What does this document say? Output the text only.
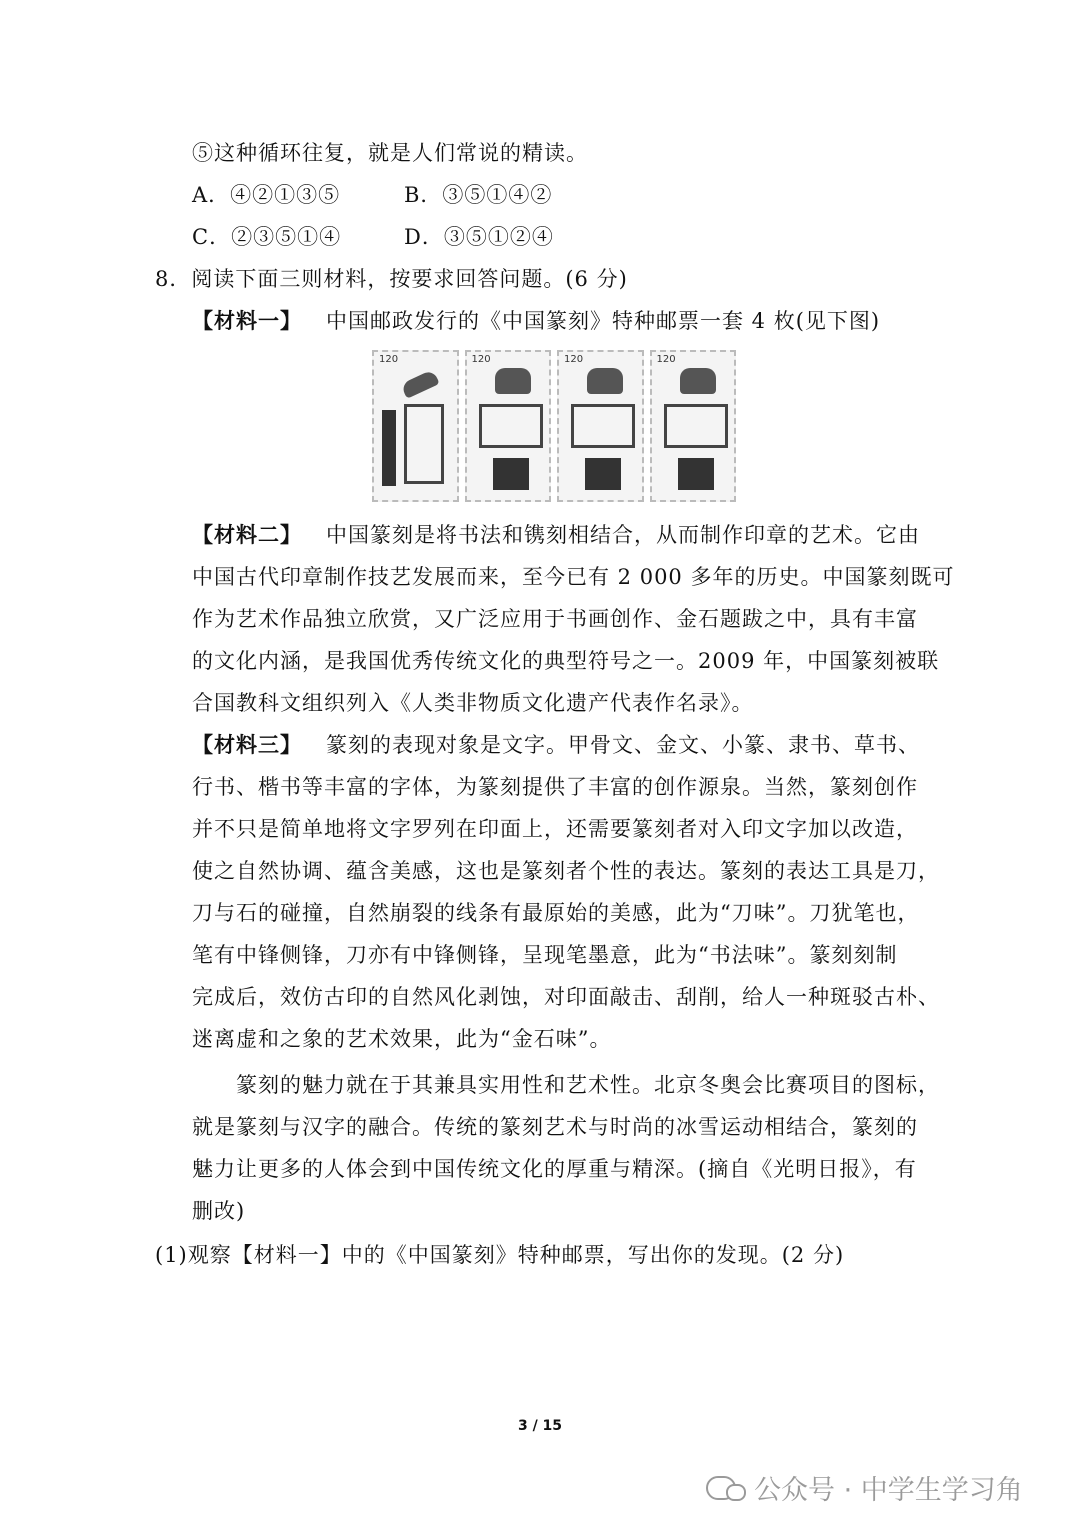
⑤这种循环往复，就是人们常说的精读。
A．④②①③⑤	B．③⑤①④②
C．②③⑤①④	D．③⑤①②④
8．阅读下面三则材料，按要求回答问题。(6 分)
【材料一】 中国邮政发行的《中国篆刻》特种邮票一套 4 枚(见下图)
120	120	120	120
【材料二】 中国篆刻是将书法和镌刻相结合，从而制作印章的艺术。它由
中国古代印章制作技艺发展而来，至今已有 2 000 多年的历史。中国篆刻既可
作为艺术作品独立欣赏，又广泛应用于书画创作、金石题跋之中，具有丰富
的文化内涵，是我国优秀传统文化的典型符号之一。2009 年，中国篆刻被联
合国教科文组织列入《人类非物质文化遗产代表作名录》。
【材料三】 篆刻的表现对象是文字。甲骨文、金文、小篆、隶书、草书、
行书、楷书等丰富的字体，为篆刻提供了丰富的创作源泉。当然，篆刻创作
并不只是简单地将文字罗列在印面上，还需要篆刻者对入印文字加以改造，
使之自然协调、蕴含美感，这也是篆刻者个性的表达。篆刻的表达工具是刀，
刀与石的碰撞，自然崩裂的线条有最原始的美感，此为“刀味”。刀犹笔也，
笔有中锋侧锋，刀亦有中锋侧锋，呈现笔墨意，此为“书法味”。篆刻刻制
完成后，效仿古印的自然风化剥蚀，对印面敲击、刮削，给人一种斑驳古朴、
迷离虚和之象的艺术效果，此为“金石味”。
篆刻的魅力就在于其兼具实用性和艺术性。北京冬奥会比赛项目的图标，
就是篆刻与汉字的融合。传统的篆刻艺术与时尚的冰雪运动相结合，篆刻的
魅力让更多的人体会到中国传统文化的厚重与精深。(摘自《光明日报》，有
删改)
(1)观察【材料一】中的《中国篆刻》特种邮票，写出你的发现。(2 分)
3 / 15
公众号 · 中学生学习角
